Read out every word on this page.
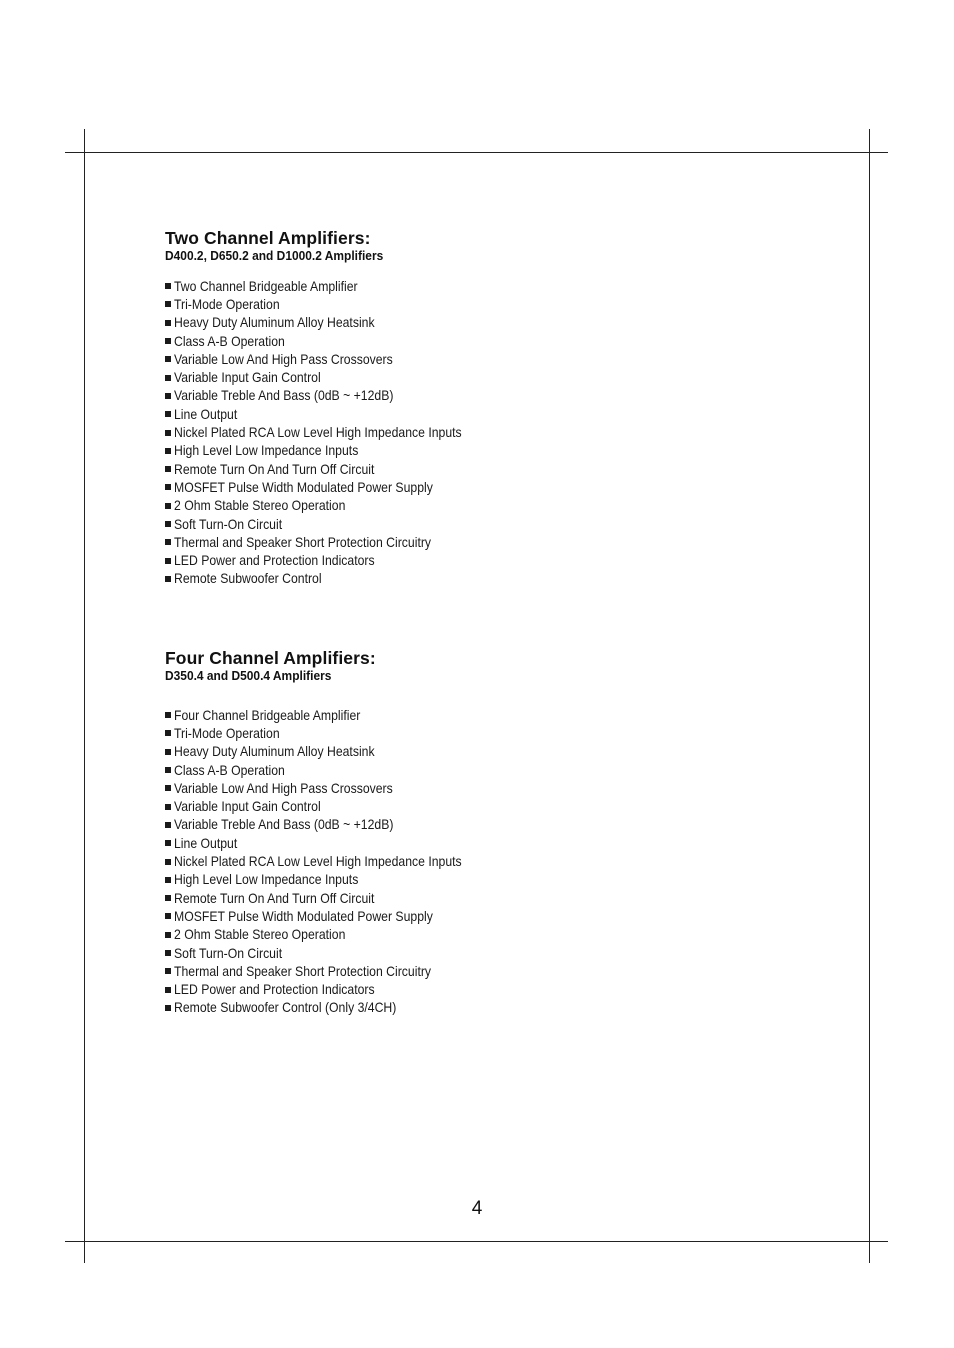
Two Channel Amplifiers:
D400.2, D650.2 and D1000.2 Amplifiers
Two Channel Bridgeable Amplifier
Tri-Mode Operation
Heavy Duty Aluminum Alloy Heatsink
Class A-B Operation
Variable Low And High Pass Crossovers
Variable Input Gain Control
Variable Treble And Bass (0dB ~ +12dB)
Line Output
Nickel Plated RCA Low Level High Impedance Inputs
High Level Low Impedance Inputs
Remote Turn On And Turn Off Circuit
MOSFET Pulse Width Modulated Power Supply
2 Ohm Stable Stereo Operation
Soft Turn-On Circuit
Thermal and Speaker Short Protection Circuitry
LED Power and Protection Indicators
Remote Subwoofer Control
Four Channel Amplifiers:
D350.4 and D500.4 Amplifiers
Four Channel Bridgeable Amplifier
Tri-Mode Operation
Heavy Duty Aluminum Alloy Heatsink
Class A-B Operation
Variable Low And High Pass Crossovers
Variable Input Gain Control
Variable Treble And Bass (0dB ~ +12dB)
Line Output
Nickel Plated RCA Low Level High Impedance Inputs
High Level Low Impedance Inputs
Remote Turn On And Turn Off Circuit
MOSFET Pulse Width Modulated Power Supply
2 Ohm Stable Stereo Operation
Soft Turn-On Circuit
Thermal and Speaker Short Protection Circuitry
LED Power and Protection Indicators
Remote Subwoofer Control (Only 3/4CH)
4
